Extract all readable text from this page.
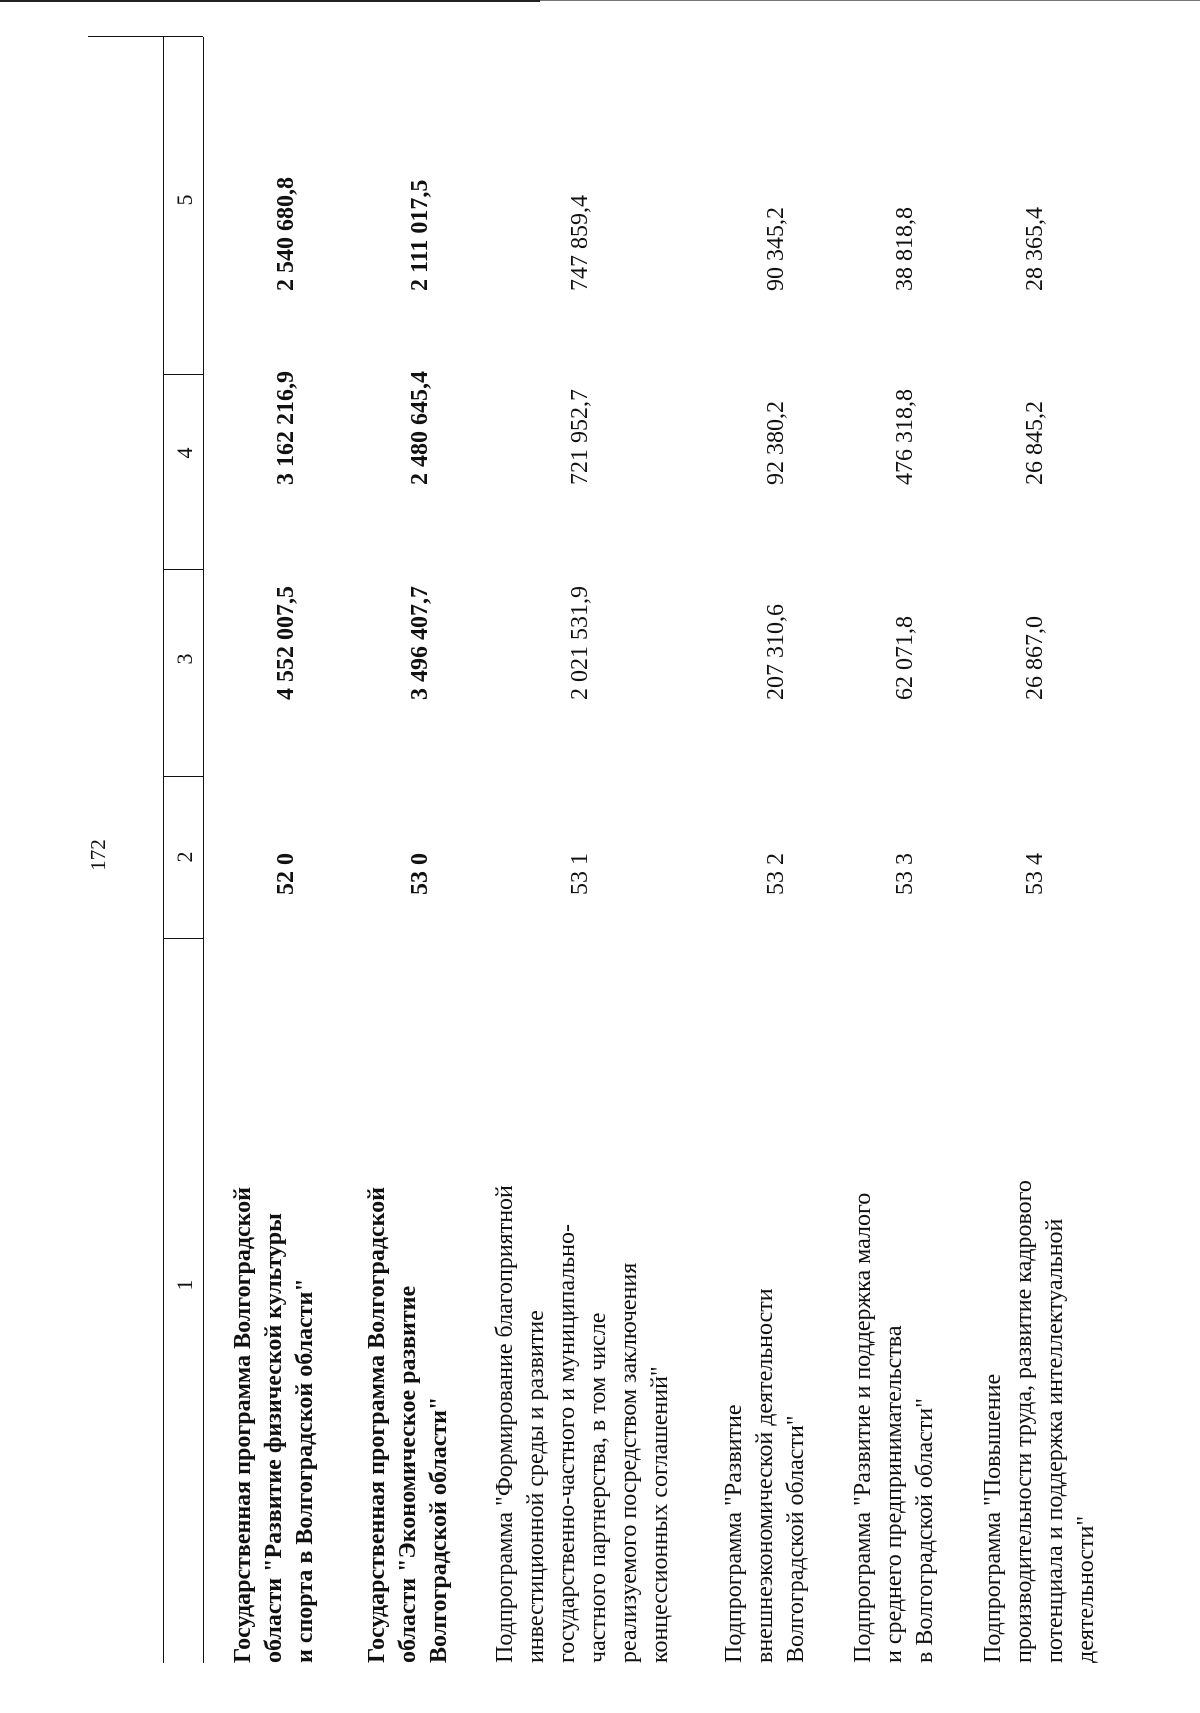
172
1
2
3
4
5
Государственная программа Волгоградской области "Развитие физической культуры и спорта в Волгоградской области"
52 0
4 552 007,5
3 162 216,9
2 540 680,8
Государственная программа Волгоградской области "Экономическое развитие Волгоградской области"
53 0
3 496 407,7
2 480 645,4
2 111 017,5
Подпрограмма "Формирование благоприятной инвестиционной среды и развитие государственно-частного и муниципально- частного партнерства, в том числе реализуемого посредством заключения концессионных соглашений"
53 1
2 021 531,9
721 952,7
747 859,4
Подпрограмма "Развитие внешнеэкономической деятельности Волгоградской области"
53 2
207 310,6
92 380,2
90 345,2
Подпрограмма "Развитие и поддержка малого и среднего предпринимательства в Волгоградской области"
53 3
62 071,8
476 318,8
38 818,8
Подпрограмма "Повышение производительности труда, развитие кадрового потенциала и поддержка интеллектуальной деятельности"
53 4
26 867,0
26 845,2
28 365,4
